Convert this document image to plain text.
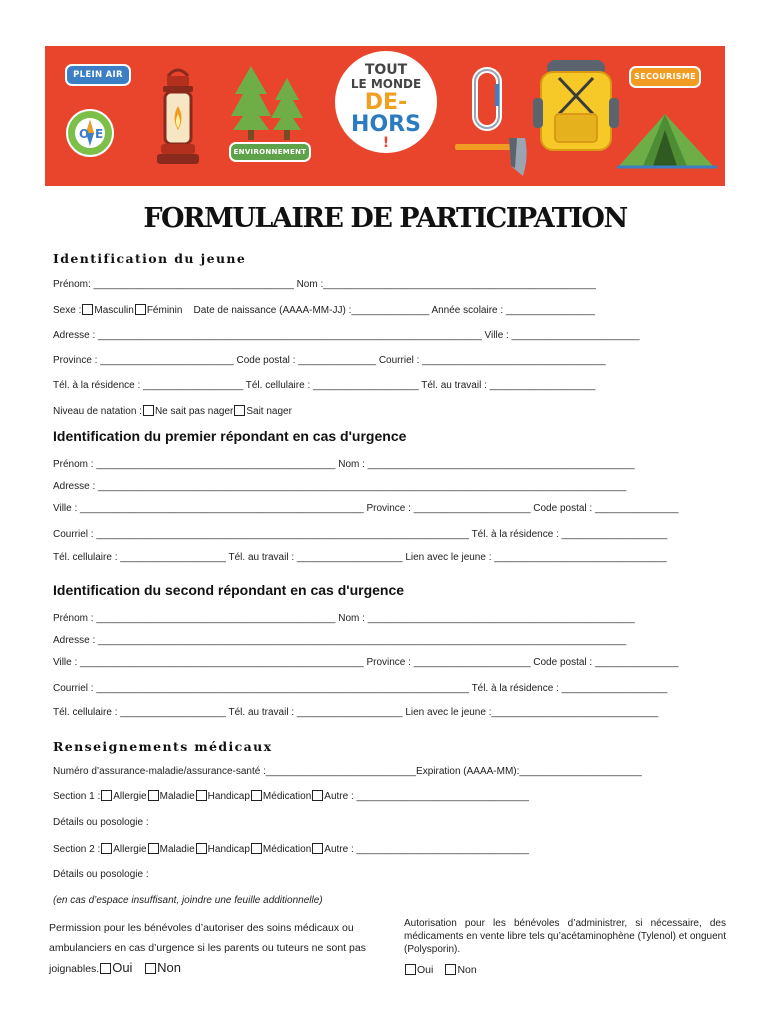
PLEIN AIR
ENVIRONNEMENT
SECOURISME
O E
TOUT
LE MONDE
DE-
HORS
!
FORMULAIRE DE PARTICIPATION
Identification du jeune
Prénom: ____________________________________ Nom :_________________________________________________
Sexe : Masculin Féminin Date de naissance (AAAA-MM-JJ) :______________ Année scolaire : ________________
Adresse : _____________________________________________________________________ Ville : _______________________
Province : ________________________ Code postal : ______________ Courriel : _________________________________
Tél. à la résidence : __________________ Tél. cellulaire : ___________________ Tél. au travail : ___________________
Niveau de natation : Ne sait pas nager Sait nager
Identification du premier répondant en cas d'urgence
Prénom : ___________________________________________ Nom : ________________________________________________
Adresse : _______________________________________________________________________________________________
Ville : ___________________________________________________ Province : _____________________ Code postal : _______________
Courriel : ___________________________________________________________________ Tél. à la résidence : ___________________
Tél. cellulaire : ___________________ Tél. au travail : ___________________ Lien avec le jeune : _______________________________
Identification du second répondant en cas d'urgence
Prénom : ___________________________________________ Nom : ________________________________________________
Adresse : _______________________________________________________________________________________________
Ville : ___________________________________________________ Province : _____________________ Code postal : _______________
Courriel : ___________________________________________________________________ Tél. à la résidence : ___________________
Tél. cellulaire : ___________________ Tél. au travail : ___________________ Lien avec le jeune :______________________________
Renseignements médicaux
Numéro d’assurance-maladie/assurance-santé :___________________________Expiration (AAAA-MM):______________________
Section 1 : Allergie Maladie Handicap Médication Autre : _______________________________
Détails ou posologie :
Section 2 : Allergie Maladie Handicap Médication Autre : _______________________________
Détails ou posologie :
(en cas d’espace insuffisant, joindre une feuille additionnelle)
Permission pour les bénévoles d’autoriser des soins médicaux ou ambulanciers en cas d’urgence si les parents ou tuteurs ne sont pas joignables. Oui Non
Autorisation pour les bénévoles d’administrer, si nécessaire, des médicaments en vente libre tels qu’acétaminophène (Tylenol) et onguent (Polysporin).
Oui Non
